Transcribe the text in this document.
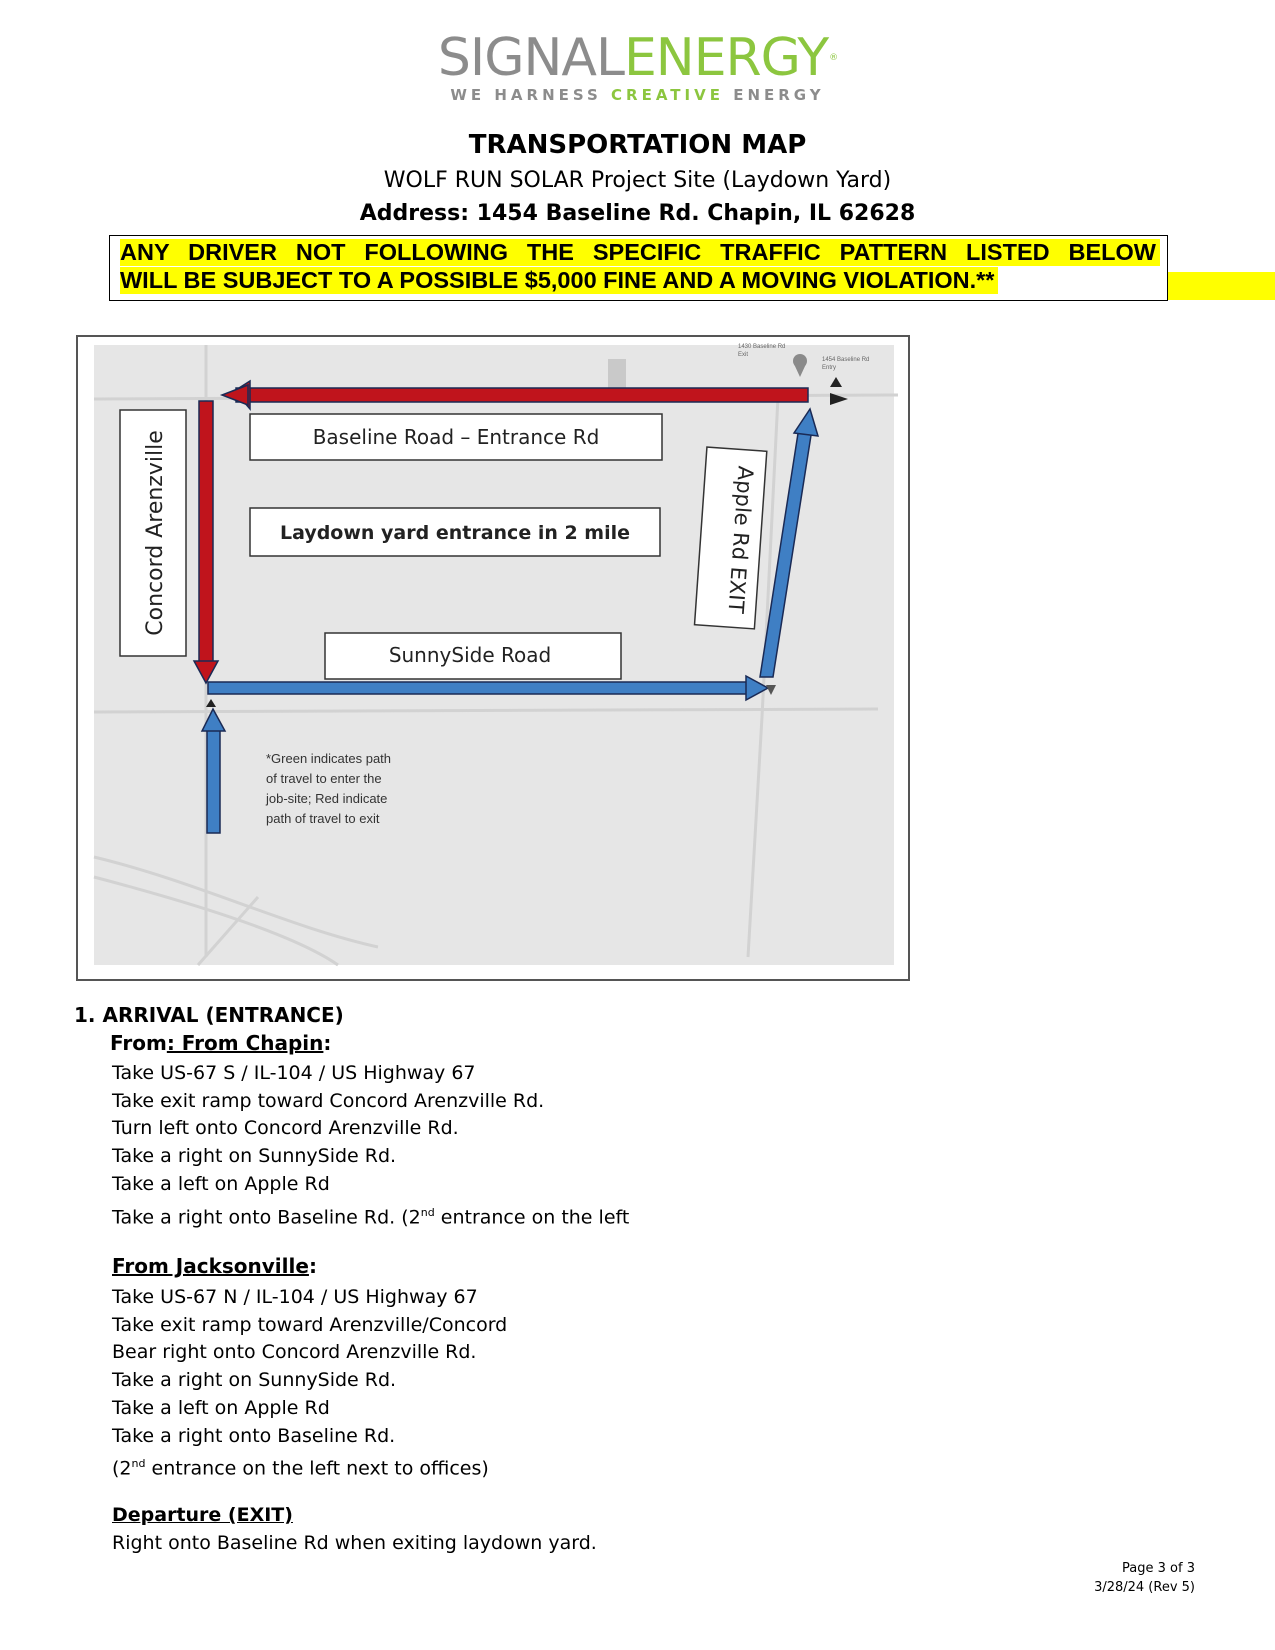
SIGNALENERGY®
WE HARNESS CREATIVE ENERGY
TRANSPORTATION MAP
WOLF RUN SOLAR Project Site (Laydown Yard)
Address: 1454 Baseline Rd. Chapin, IL 62628
ANY DRIVER NOT FOLLOWING THE SPECIFIC TRAFFIC PATTERN LISTED BELOW
WILL BE SUBJECT TO A POSSIBLE $5,000 FINE AND A MOVING VIOLATION.**
1430 Baseline Rd
Exit
1454 Baseline Rd
Entry
Baseline Road – Entrance Rd
Laydown yard entrance in 2 mile
SunnySide Road
Concord Arenzville	Apple Rd EXIT
*Green indicates path
of travel to enter the
job-site; Red indicate
path of travel to exit
1. ARRIVAL (ENTRANCE)
From: From Chapin:
Take US-67 S / IL-104 / US Highway 67
Take exit ramp toward Concord Arenzville Rd.
Turn left onto Concord Arenzville Rd.
Take a right on SunnySide Rd.
Take a left on Apple Rd
Take a right onto Baseline Rd. (2nd entrance on the left
From Jacksonville:
Take US-67 N / IL-104 / US Highway 67
Take exit ramp toward Arenzville/Concord
Bear right onto Concord Arenzville Rd.
Take a right on SunnySide Rd.
Take a left on Apple Rd
Take a right onto Baseline Rd.
(2nd entrance on the left next to offices)
Departure (EXIT)
Right onto Baseline Rd when exiting laydown yard.
Page 3 of 3
3/28/24 (Rev 5)
